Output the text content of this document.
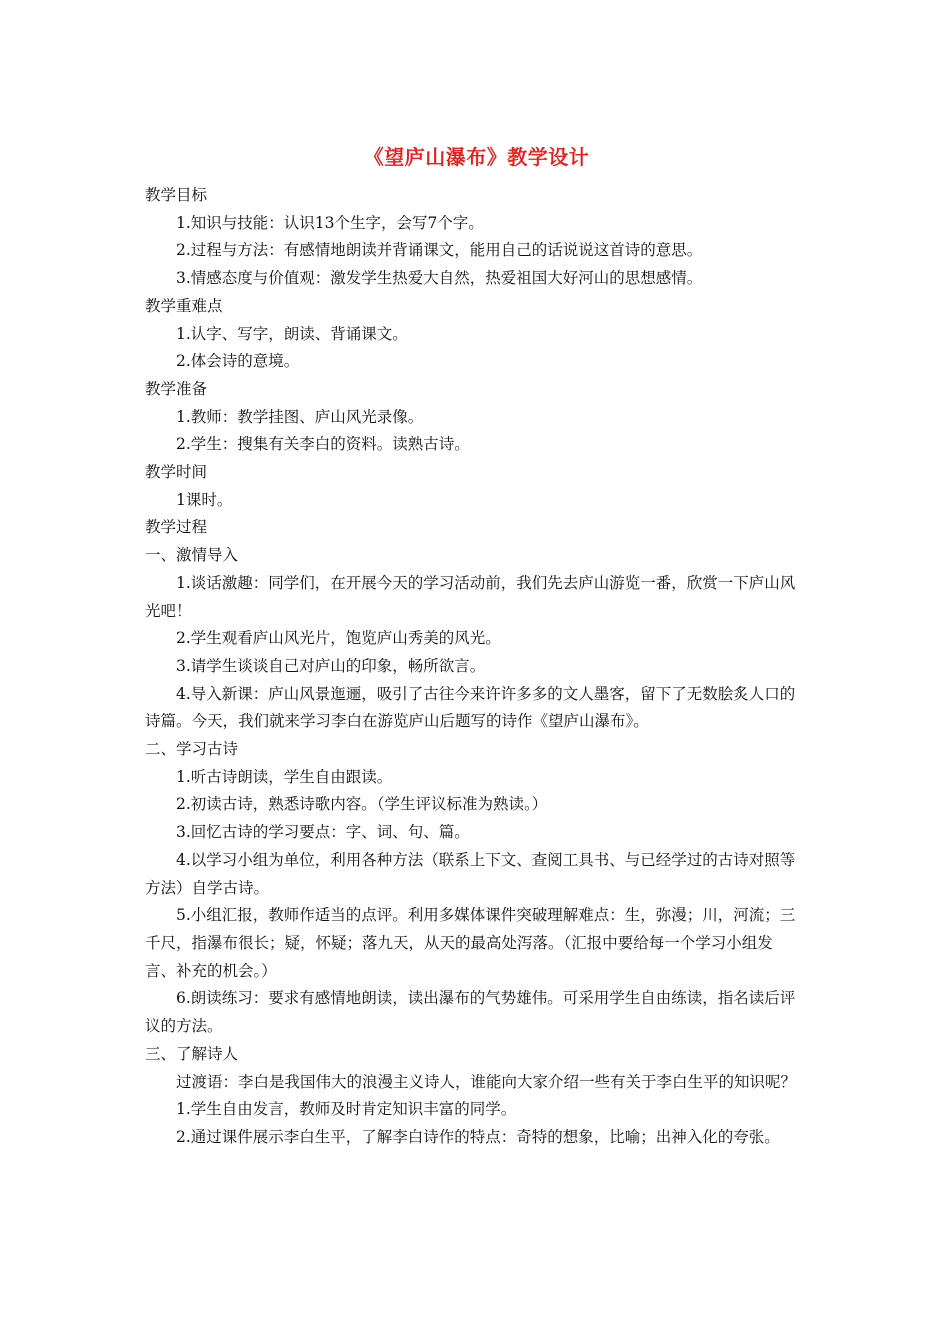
《望庐山瀑布》教学设计
教学目标
1.知识与技能：认识13个生字，会写7个字。
2.过程与方法：有感情地朗读并背诵课文，能用自己的话说说这首诗的意思。
3.情感态度与价值观：激发学生热爱大自然，热爱祖国大好河山的思想感情。
教学重难点
1.认字、写字，朗读、背诵课文。
2.体会诗的意境。
教学准备
1.教师：教学挂图、庐山风光录像。
2.学生：搜集有关李白的资料。读熟古诗。
教学时间
1课时。
教学过程
一、激情导入
1.谈话激趣：同学们，在开展今天的学习活动前，我们先去庐山游览一番，欣赏一下庐山风光吧！
2.学生观看庐山风光片，饱览庐山秀美的风光。
3.请学生谈谈自己对庐山的印象，畅所欲言。
4.导入新课：庐山风景迤逦，吸引了古往今来许许多多的文人墨客，留下了无数脍炙人口的诗篇。今天，我们就来学习李白在游览庐山后题写的诗作《望庐山瀑布》。
二、学习古诗
1.听古诗朗读，学生自由跟读。
2.初读古诗，熟悉诗歌内容。（学生评议标准为熟读。）
3.回忆古诗的学习要点：字、词、句、篇。
4.以学习小组为单位，利用各种方法（联系上下文、查阅工具书、与已经学过的古诗对照等方法）自学古诗。
5.小组汇报，教师作适当的点评。利用多媒体课件突破理解难点：生，弥漫；川，河流；三千尺，指瀑布很长；疑，怀疑；落九天，从天的最高处泻落。（汇报中要给每一个学习小组发言、补充的机会。）
6.朗读练习：要求有感情地朗读，读出瀑布的气势雄伟。可采用学生自由练读，指名读后评议的方法。
三、了解诗人
过渡语：李白是我国伟大的浪漫主义诗人，谁能向大家介绍一些有关于李白生平的知识呢？
1.学生自由发言，教师及时肯定知识丰富的同学。
2.通过课件展示李白生平，了解李白诗作的特点：奇特的想象，比喻；出神入化的夸张。
